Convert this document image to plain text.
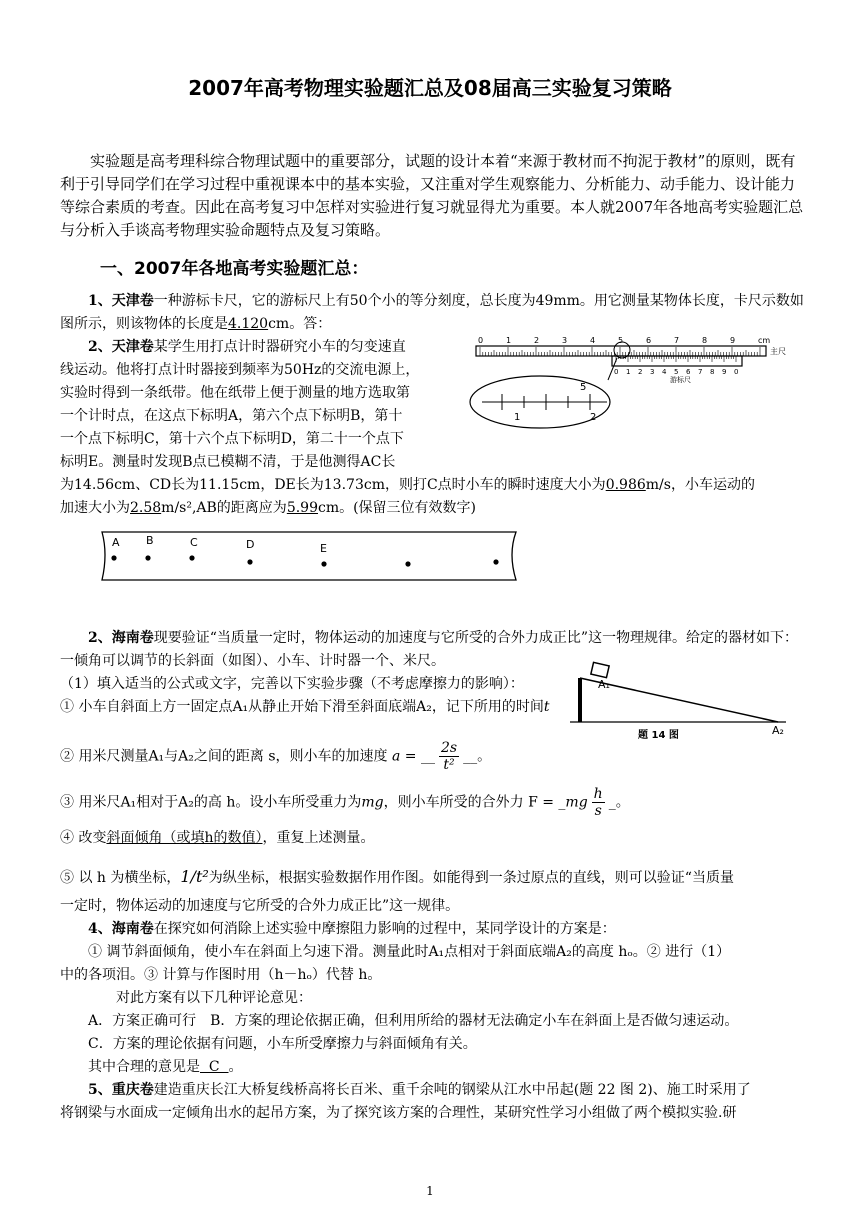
2007年高考物理实验题汇总及08届高三实验复习策略
实验题是高考理科综合物理试题中的重要部分，试题的设计本着“来源于教材而不拘泥于教材”的原则，既有利于引导同学们在学习过程中重视课本中的基本实验，又注重对学生观察能力、分析能力、动手能力、设计能力等综合素质的考查。因此在高考复习中怎样对实验进行复习就显得尤为重要。本人就2007年各地高考实验题汇总与分析入手谈高考物理实验命题特点及复习策略。
一、2007年各地高考实验题汇总：
1、天津卷一种游标卡尺，它的游标尺上有50个小的等分刻度，总长度为49mm。用它测量某物体长度，卡尺示数如图所示，则该物体的长度是4.120cm。答：
2、天津卷某学生用打点计时器研究小车的匀变速直
线运动。他将打点计时器接到频率为50Hz的交流电源上，
实验时得到一条纸带。他在纸带上便于测量的地方选取第
一个计时点，在这点下标明A，第六个点下标明B，第十
一个点下标明C，第十六个点下标明D，第二十一个点下
标明E。测量时发现B点已模糊不清，于是他测得AC长
为14.56cm、CD长为11.15cm，DE长为13.73cm，则打C点时小车的瞬时速度大小为0.986m/s，小车运动的
加速大小为2.58m/s²,AB的距离应为5.99cm。(保留三位有效数字)
0	1	2	3	4	5	6	7	8	9	cm
主尺
0 1 2 3 4 5 6 7 8 9 0
游标尺
5
1	2
A B	C	D	E
2、海南卷现要验证“当质量一定时，物体运动的加速度与它所受的合外力成正比”这一物理规律。给定的器材如下：一倾角可以调节的长斜面（如图）、小车、计时器一个、米尺。
（1）填入适当的公式或文字，完善以下实验步骤（不考虑摩擦力的影响）：
① 小车自斜面上方一固定点A₁从静止开始下滑至斜面底端A₂，记下所用的时间t
A₁
A₂
题 14 图
② 用米尺测量A₁与A₂之间的距离 s，则小车的加速度 a = __ $\frac{2s}{\text{t²}}$ __。
③ 用米尺A₁相对于A₂的高 h。设小车所受重力为mg，则小车所受的合外力 F = _mg $\frac{h}{s}$ _。
④ 改变斜面倾角（或填h的数值），重复上述测量。
⑤ 以 h 为横坐标，1/t²为纵坐标，根据实验数据作用作图。如能得到一条过原点的直线，则可以验证“当质量
一定时，物体运动的加速度与它所受的合外力成正比”这一规律。
4、海南卷在探究如何消除上述实验中摩擦阻力影响的过程中，某同学设计的方案是：
① 调节斜面倾角，使小车在斜面上匀速下滑。测量此时A₁点相对于斜面底端A₂的高度 hₒ。② 进行（1）
中的各项泪。③ 计算与作图时用（h－hₒ）代替 h。
对此方案有以下几种评论意见：
A．方案正确可行　B．方案的理论依据正确，但利用所给的器材无法确定小车在斜面上是否做匀速运动。
C．方案的理论依据有问题，小车所受摩擦力与斜面倾角有关。
其中合理的意见是  C  。
5、重庆卷建造重庆长江大桥复线桥高将长百米、重千余吨的钢梁从江水中吊起(题 22 图 2)、施工时采用了
将钢梁与水面成一定倾角出水的起吊方案，为了探究该方案的合理性，某研究性学习小组做了两个模拟实验.研
1
